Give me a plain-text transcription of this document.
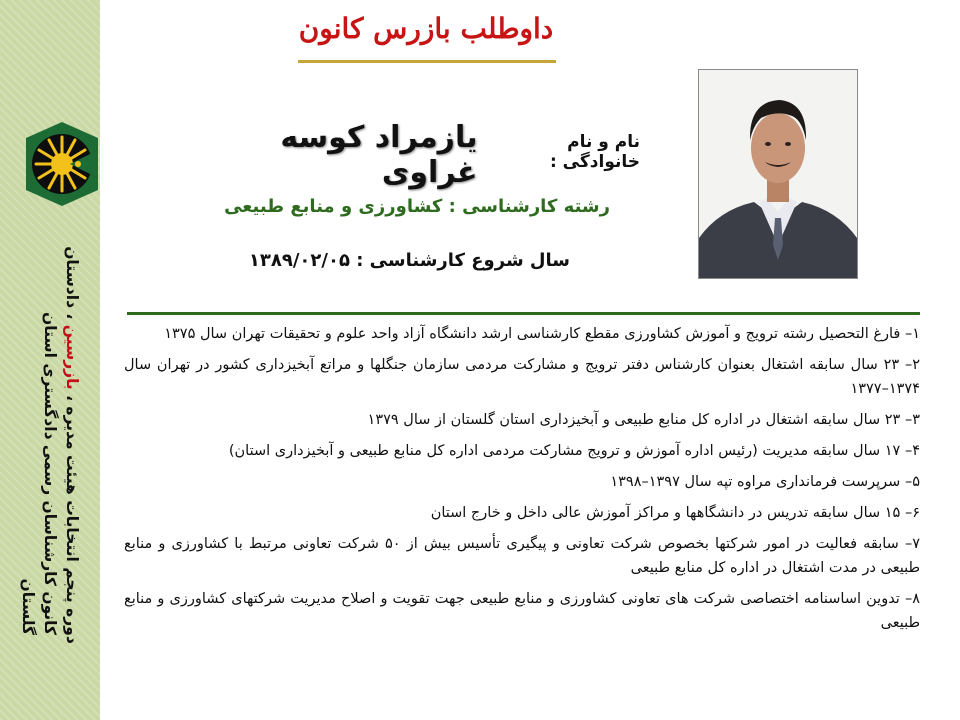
دوره پنجم انتخابات هیئت مدیره ، بازرسین ، دادستان
کانون کارشناسان رسمی دادگستری استان گلستان
داوطلب بازرس کانون
نام و نام خانوادگی :
یازمراد کوسه غراوی
رشته کارشناسی : کشاورزی و منابع طبیعی
سال شروع کارشناسی : ۱۳۸۹/۰۲/۰۵
۱– فارغ التحصیل رشته ترویج و آموزش کشاورزی مقطع کارشناسی ارشد دانشگاه آزاد واحد علوم و تحقیقات تهران سال ۱۳۷۵
۲– ۲۳ سال سابقه اشتغال بعنوان کارشناس دفتر ترویج و مشارکت مردمی سازمان جنگلها و مراتع آبخیزداری کشور در تهران سال ۱۳۷۴–۱۳۷۷
۳– ۲۳ سال سابقه اشتغال در اداره کل منابع طبیعی و آبخیزداری استان گلستان از سال ۱۳۷۹
۴– ۱۷ سال سابقه مدیریت (رئیس اداره آموزش و ترویج مشارکت مردمی اداره کل منابع طبیعی و آبخیزداری استان)
۵– سرپرست فرمانداری مراوه تپه سال ۱۳۹۷–۱۳۹۸
۶– ۱۵ سال سابقه تدریس در دانشگاهها و مراکز آموزش عالی داخل و خارج استان
۷– سابقه فعالیت در امور شرکتها بخصوص شرکت تعاونی و پیگیری تأسیس بیش از ۵۰ شرکت تعاونی مرتبط با کشاورزی و منابع طبیعی در مدت اشتغال در اداره کل منابع طبیعی
۸– تدوین اساسنامه اختصاصی شرکت های تعاونی کشاورزی و منابع طبیعی جهت تقویت و اصلاح مدیریت شرکتهای کشاورزی و منابع طبیعی
